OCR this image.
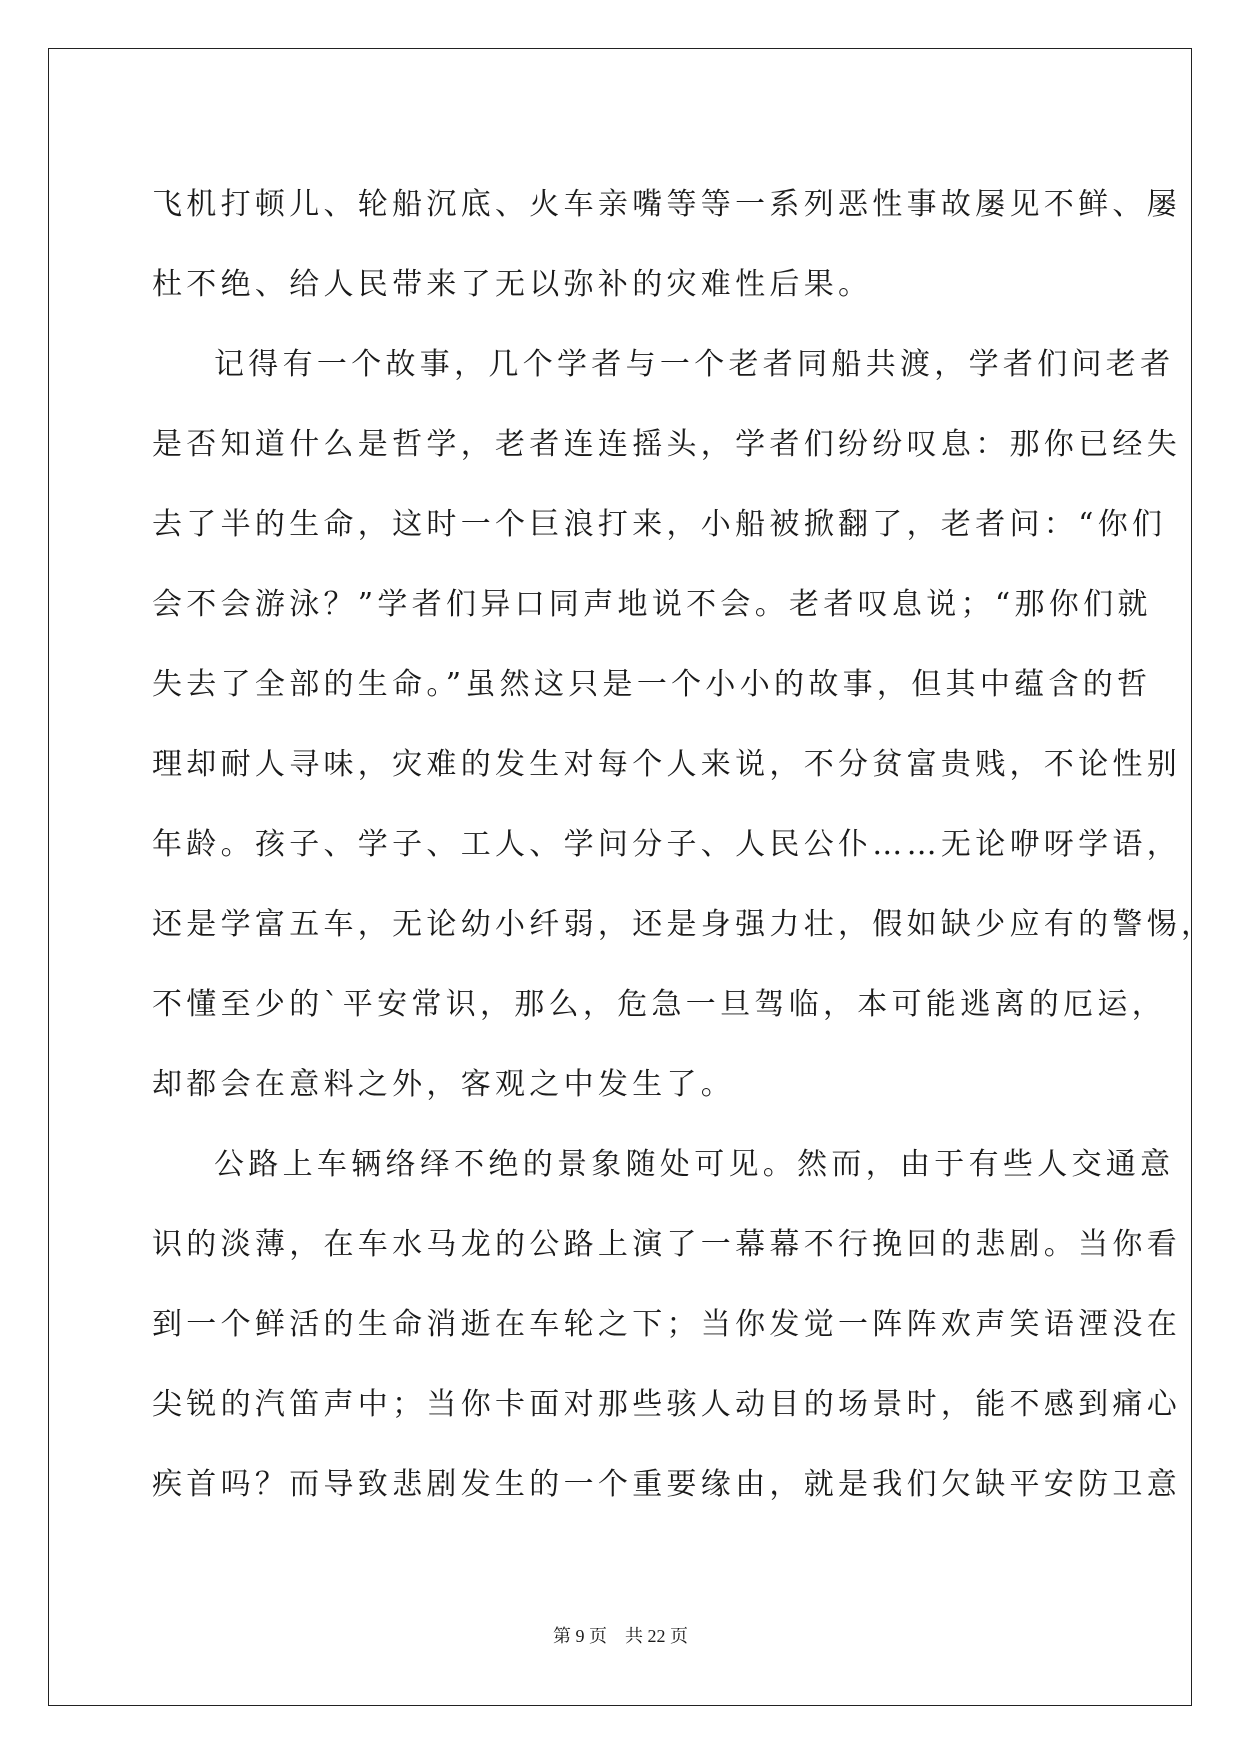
飞机打顿儿、轮船沉底、火车亲嘴等等一系列恶性事故屡见不鲜、屡
杜不绝、给人民带来了无以弥补的灾难性后果。
记得有一个故事，几个学者与一个老者同船共渡，学者们问老者
是否知道什么是哲学，老者连连摇头，学者们纷纷叹息：那你已经失
去了半的生命，这时一个巨浪打来，小船被掀翻了，老者问：“你们
会不会游泳？”学者们异口同声地说不会。老者叹息说；“那你们就
失去了全部的生命。”虽然这只是一个小小的故事，但其中蕴含的哲
理却耐人寻味，灾难的发生对每个人来说，不分贫富贵贱，不论性别
年龄。孩子、学子、工人、学问分子、人民公仆……无论咿呀学语，
还是学富五车，无论幼小纤弱，还是身强力壮，假如缺少应有的警惕，
不懂至少的`平安常识，那么，危急一旦驾临，本可能逃离的厄运，
却都会在意料之外，客观之中发生了。
公路上车辆络绎不绝的景象随处可见。然而，由于有些人交通意
识的淡薄，在车水马龙的公路上演了一幕幕不行挽回的悲剧。当你看
到一个鲜活的生命消逝在车轮之下；当你发觉一阵阵欢声笑语湮没在
尖锐的汽笛声中；当你卡面对那些骇人动目的场景时，能不感到痛心
疾首吗？而导致悲剧发生的一个重要缘由，就是我们欠缺平安防卫意
第 9 页 共 22 页
